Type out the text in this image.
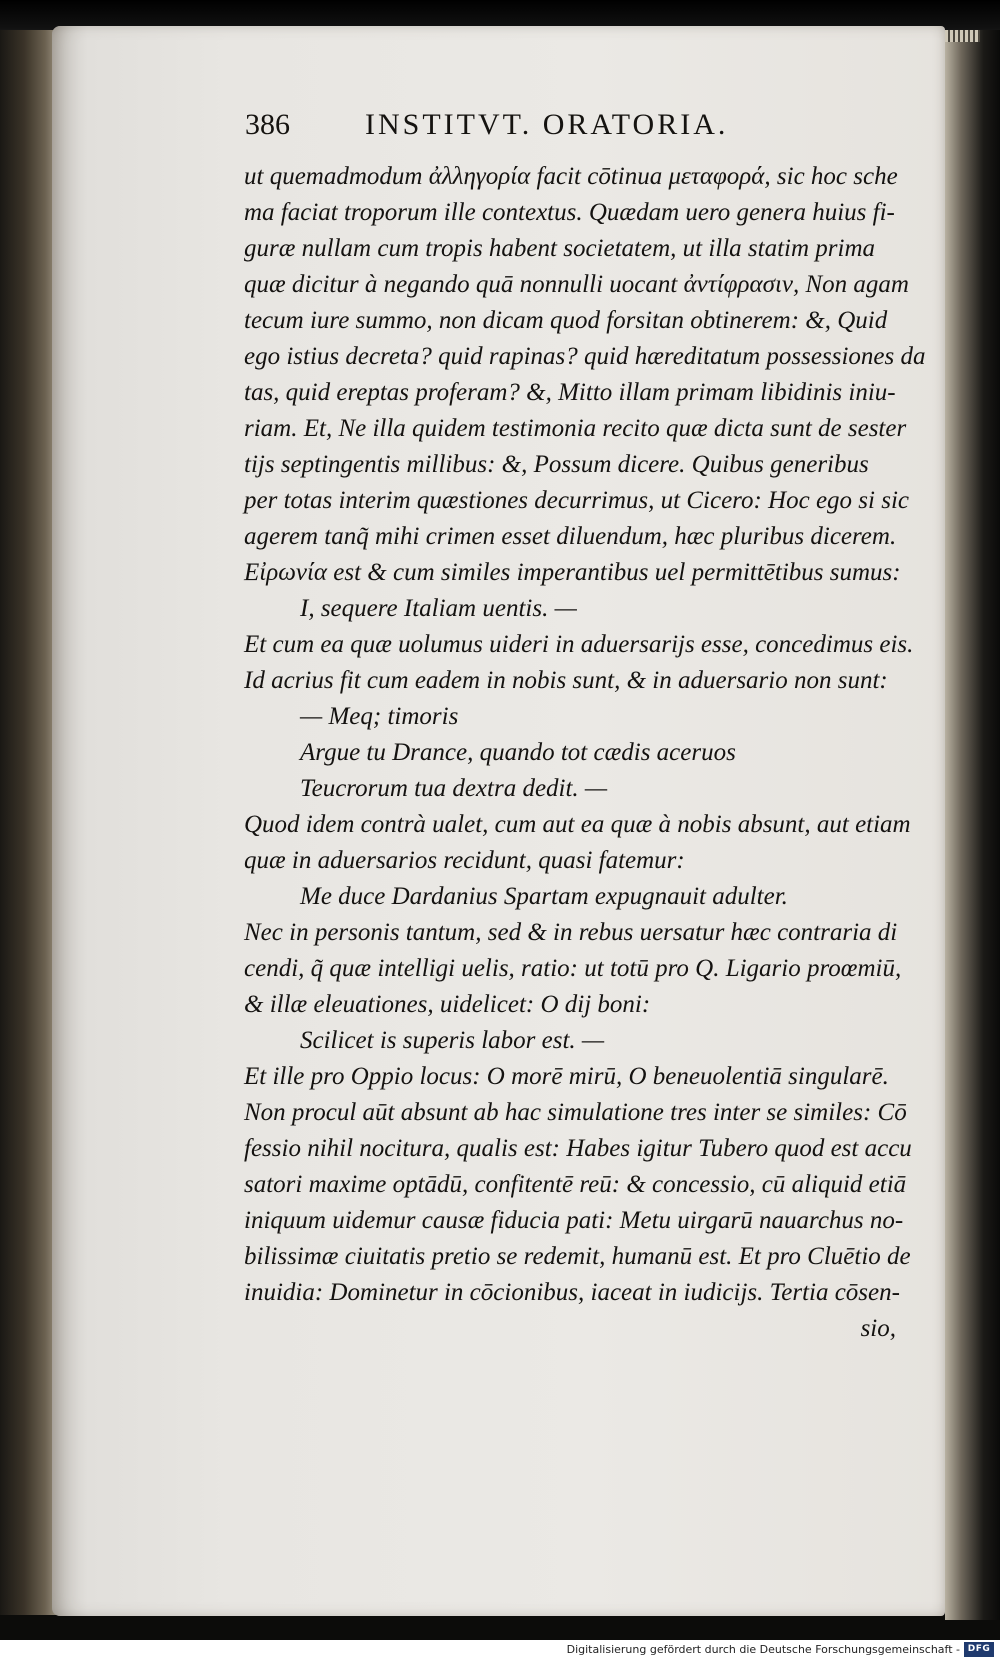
386	INSTITVT. ORATORIA.
ut quemadmodum ἀλληγορία facit cōtinua μεταφορά, sic hoc sche
ma faciat troporum ille contextus. Quædam uero genera huius fi-
guræ nullam cum tropis habent societatem, ut illa statim prima
quæ dicitur à negando quā nonnulli uocant ἀντίφρασιν, Non agam
tecum iure summo, non dicam quod forsitan obtinerem: &, Quid
ego istius decreta? quid rapinas? quid hæreditatum possessiones da
tas, quid ereptas proferam? &, Mitto illam primam libidinis iniu-
riam. Et, Ne illa quidem testimonia recito quæ dicta sunt de sester
tijs septingentis millibus: &, Possum dicere. Quibus generibus
per totas interim quæstiones decurrimus, ut Cicero: Hoc ego si sic
agerem tanq̃ mihi crimen esset diluendum, hæc pluribus dicerem.
Εἰρωνία est & cum similes imperantibus uel permittētibus sumus:
I, sequere Italiam uentis. —
Et cum ea quæ uolumus uideri in aduersarijs esse, concedimus eis.
Id acrius fit cum eadem in nobis sunt, & in aduersario non sunt:
— Meq; timoris
Argue tu Drance, quando tot cædis aceruos
Teucrorum tua dextra dedit. —
Quod idem contrà ualet, cum aut ea quæ à nobis absunt, aut etiam
quæ in aduersarios recidunt, quasi fatemur:
Me duce Dardanius Spartam expugnauit adulter.
Nec in personis tantum, sed & in rebus uersatur hæc contraria di
cendi, q̃ quæ intelligi uelis, ratio: ut totū pro Q. Ligario proœmiū,
& illæ eleuationes, uidelicet: O dij boni:
Scilicet is superis labor est. —
Et ille pro Oppio locus: O morē mirū, O beneuolentiā singularē.
Non procul aūt absunt ab hac simulatione tres inter se similes: Cō
fessio nihil nocitura, qualis est: Habes igitur Tubero quod est accu
satori maxime optādū, confitentē reū: & concessio, cū aliquid etiā
iniquum uidemur causæ fiducia pati: Metu uirgarū nauarchus no-
bilissimæ ciuitatis pretio se redemit, humanū est. Et pro Cluētio de
inuidia: Dominetur in cōcionibus, iaceat in iudicijs. Tertia cōsen-
sio,
Digitalisierung gefördert durch die Deutsche Forschungsgemeinschaft - DFG
